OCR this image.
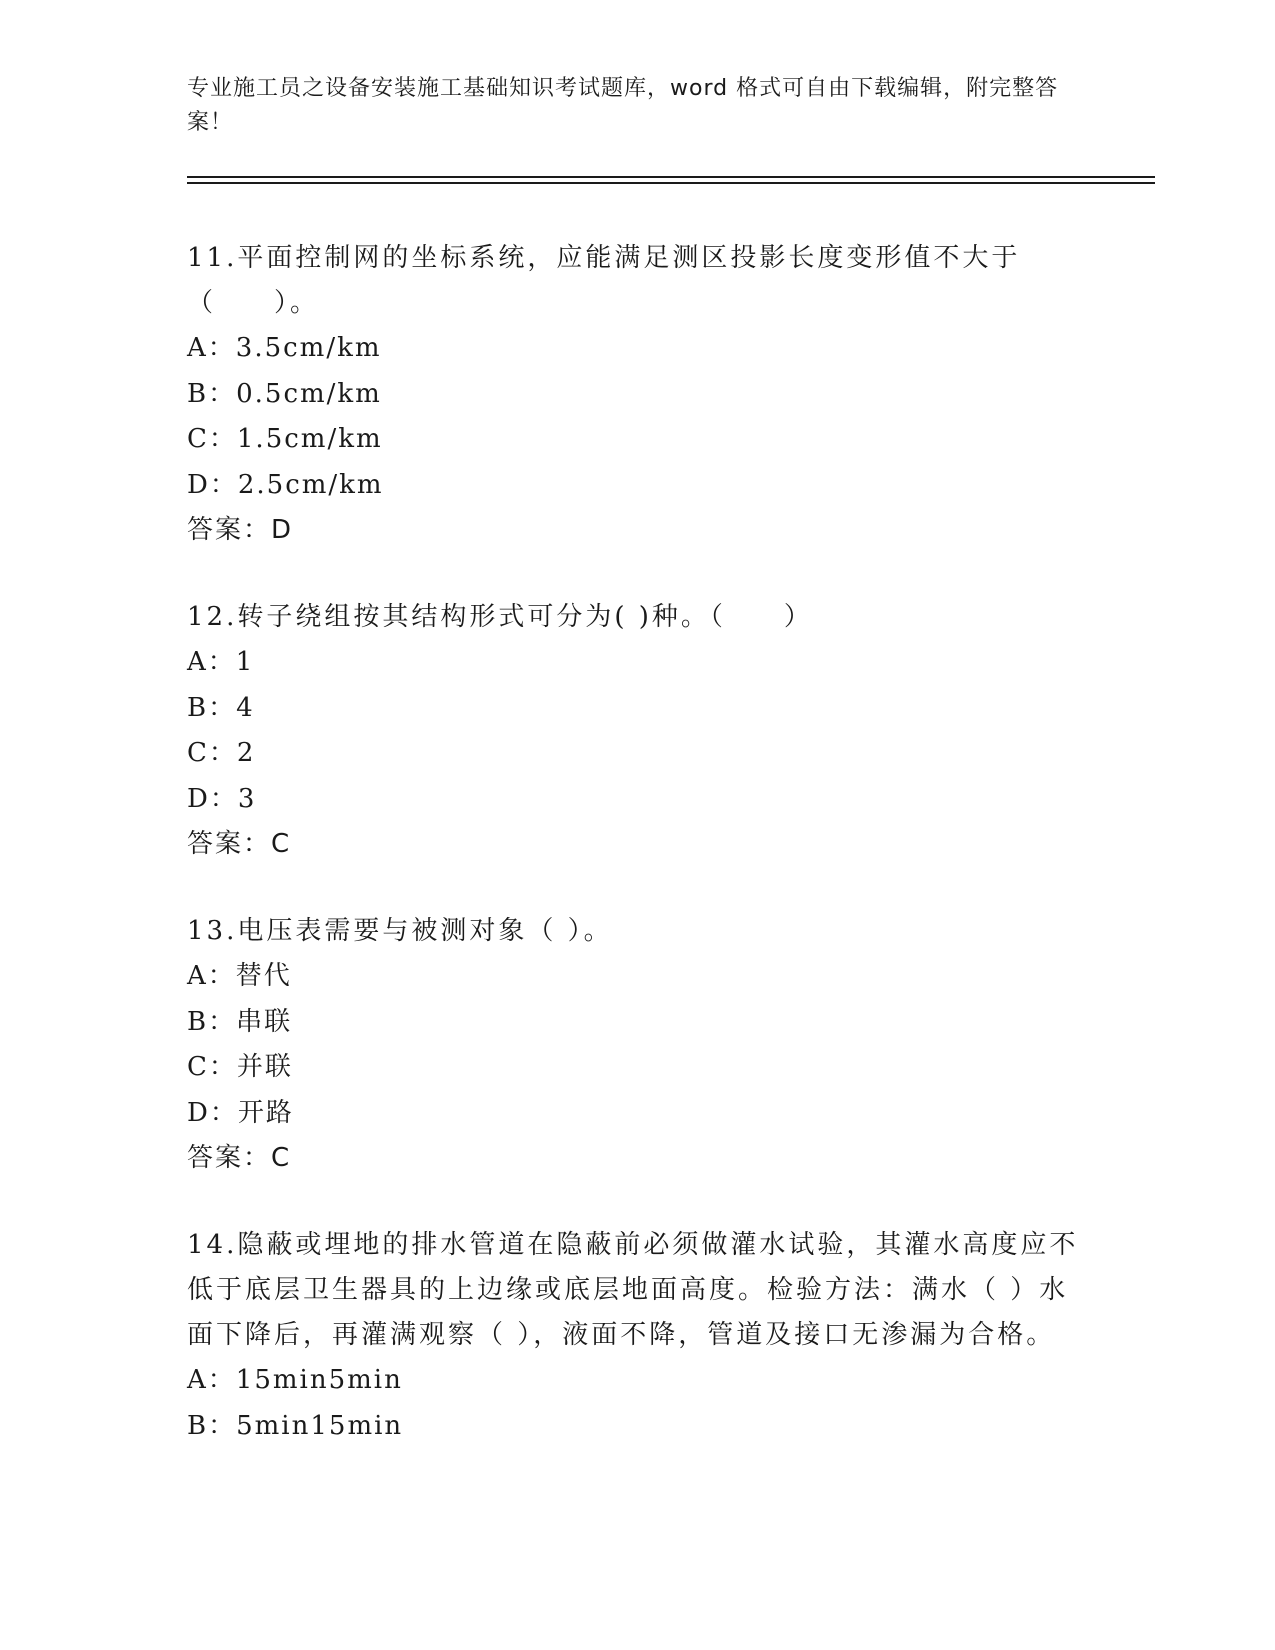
专业施工员之设备安装施工基础知识考试题库，word 格式可自由下载编辑，附完整答案！

11.平面控制网的坐标系统，应能满足测区投影长度变形值不大于（　　）。

A：3.5cm/km

B：0.5cm/km

C：1.5cm/km

D：2.5cm/km

答案：D

12.转子绕组按其结构形式可分为( )种。（　　）

A：1

B：4

C：2

D：3

答案：C

13.电压表需要与被测对象（ ）。

A：替代

B：串联

C：并联

D：开路

答案：C

14.隐蔽或埋地的排水管道在隐蔽前必须做灌水试验，其灌水高度应不低于底层卫生器具的上边缘或底层地面高度。检验方法：满水（ ）水面下降后，再灌满观察（ ），液面不降，管道及接口无渗漏为合格。

A：15min5min

B：5min15min
